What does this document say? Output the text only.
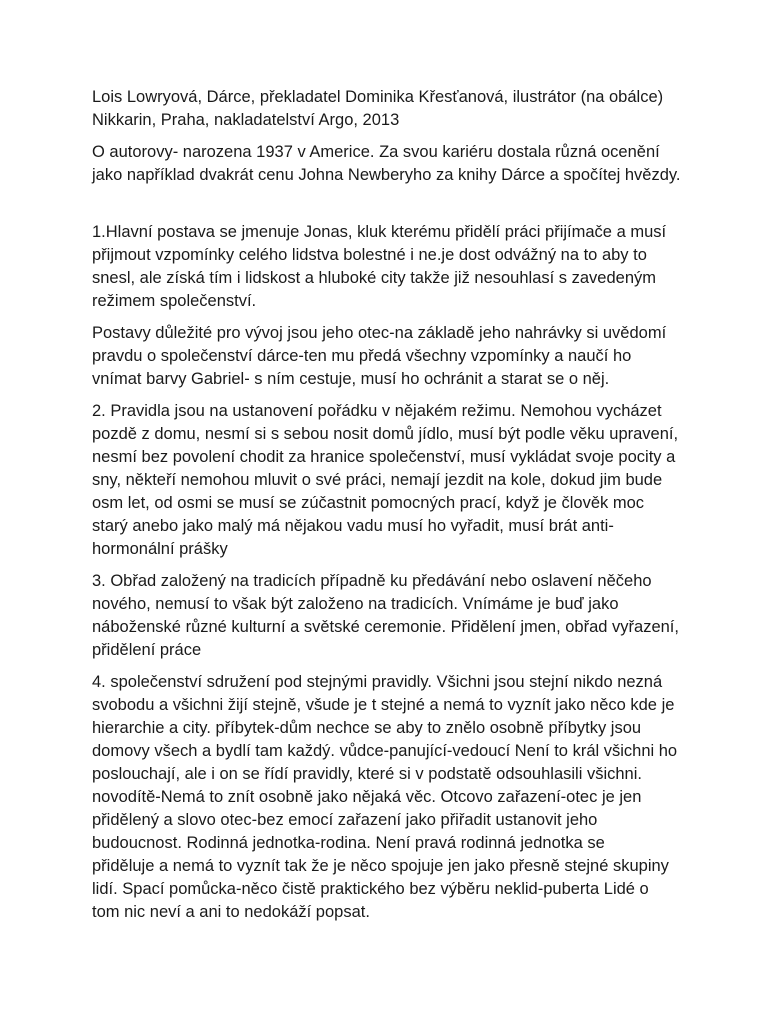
Lois Lowryová, Dárce, překladatel Dominika Křesťanová, ilustrátor (na obálce)
Nikkarin, Praha, nakladatelství Argo, 2013
O autorovy- narozena 1937 v Americe. Za svou kariéru dostala různá ocenění
jako například dvakrát cenu Johna Newberyho za knihy Dárce a spočítej hvězdy.
1.Hlavní postava se jmenuje Jonas, kluk kterému přidělí práci přijímače a musí
přijmout vzpomínky celého lidstva bolestné i ne.je dost odvážný na to aby to
snesl, ale získá tím i lidskost a hluboké city takže již nesouhlasí s zavedeným
režimem společenství.
Postavy důležité pro vývoj jsou jeho otec-na základě jeho nahrávky si uvědomí
pravdu o společenství dárce-ten mu předá všechny vzpomínky a naučí ho
vnímat barvy Gabriel- s ním cestuje, musí ho ochránit a starat se o něj.
2. Pravidla jsou na ustanovení pořádku v nějakém režimu. Nemohou vycházet
pozdě z domu, nesmí si s sebou nosit domů jídlo, musí být podle věku upravení,
nesmí bez povolení chodit za hranice společenství, musí vykládat svoje pocity a
sny, někteří nemohou mluvit o své práci, nemají jezdit na kole, dokud jim bude
osm let, od osmi se musí se zúčastnit pomocných prací, když je člověk moc
starý anebo jako malý má nějakou vadu musí ho vyřadit, musí brát anti-
hormonální prášky
3. Obřad založený na tradicích případně ku předávání nebo oslavení něčeho
nového, nemusí to však být založeno na tradicích. Vnímáme je buď jako
náboženské různé kulturní a světské ceremonie. Přidělení jmen, obřad vyřazení,
přidělení práce
4. společenství sdružení pod stejnými pravidly. Všichni jsou stejní nikdo nezná
svobodu a všichni žijí stejně, všude je t stejné a nemá to vyznít jako něco kde je
hierarchie a city. příbytek-dům nechce se aby to znělo osobně příbytky jsou
domovy všech a bydlí tam každý. vůdce-panující-vedoucí Není to král všichni ho
poslouchají, ale i on se řídí pravidly, které si v podstatě odsouhlasili všichni.
novodítě-Nemá to znít osobně jako nějaká věc. Otcovo zařazení-otec je jen
přidělený a slovo otec-bez emocí zařazení jako přiřadit ustanovit jeho
budoucnost. Rodinná jednotka-rodina. Není pravá rodinná jednotka se
přiděluje a nemá to vyznít tak že je něco spojuje jen jako přesně stejné skupiny
lidí. Spací pomůcka-něco čistě praktického bez výběru neklid-puberta Lidé o
tom nic neví a ani to nedokáží popsat.
